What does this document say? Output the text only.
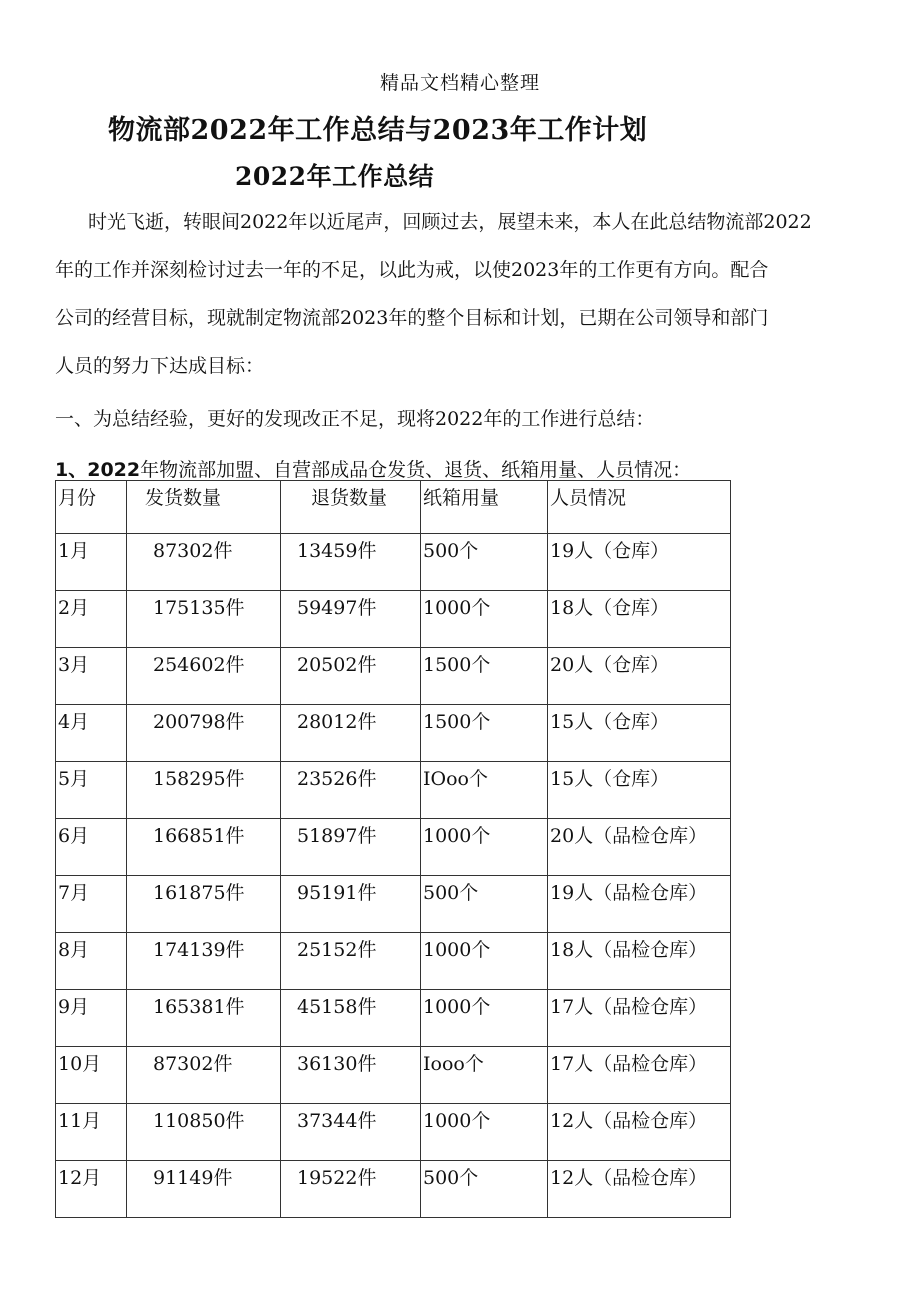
精品文档精心整理
物流部2022年工作总结与2023年工作计划
2022年工作总结
时光飞逝，转眼间2022年以近尾声，回顾过去，展望未来，本人在此总结物流部2022
年的工作并深刻检讨过去一年的不足，以此为戒，以使2023年的工作更有方向。配合
公司的经营目标，现就制定物流部2023年的整个目标和计划，已期在公司领导和部门
人员的努力下达成目标：
一、为总结经验，更好的发现改正不足，现将2022年的工作进行总结：
1、2022年物流部加盟、自营部成品仓发货、退货、纸箱用量、人员情况：
月份	发货数量	退货数量	纸箱用量	人员情况
1月	87302件	13459件	500个	19人（仓库）
2月	175135件	59497件	1000个	18人（仓库）
3月	254602件	20502件	1500个	20人（仓库）
4月	200798件	28012件	1500个	15人（仓库）
5月	158295件	23526件	IOoo个	15人（仓库）
6月	166851件	51897件	1000个	20人（品检仓库）
7月	161875件	95191件	500个	19人（品检仓库）
8月	174139件	25152件	1000个	18人（品检仓库）
9月	165381件	45158件	1000个	17人（品检仓库）
10月	87302件	36130件	Iooo个	17人（品检仓库）
11月	110850件	37344件	1000个	12人（品检仓库）
12月	91149件	19522件	500个	12人（品检仓库）
